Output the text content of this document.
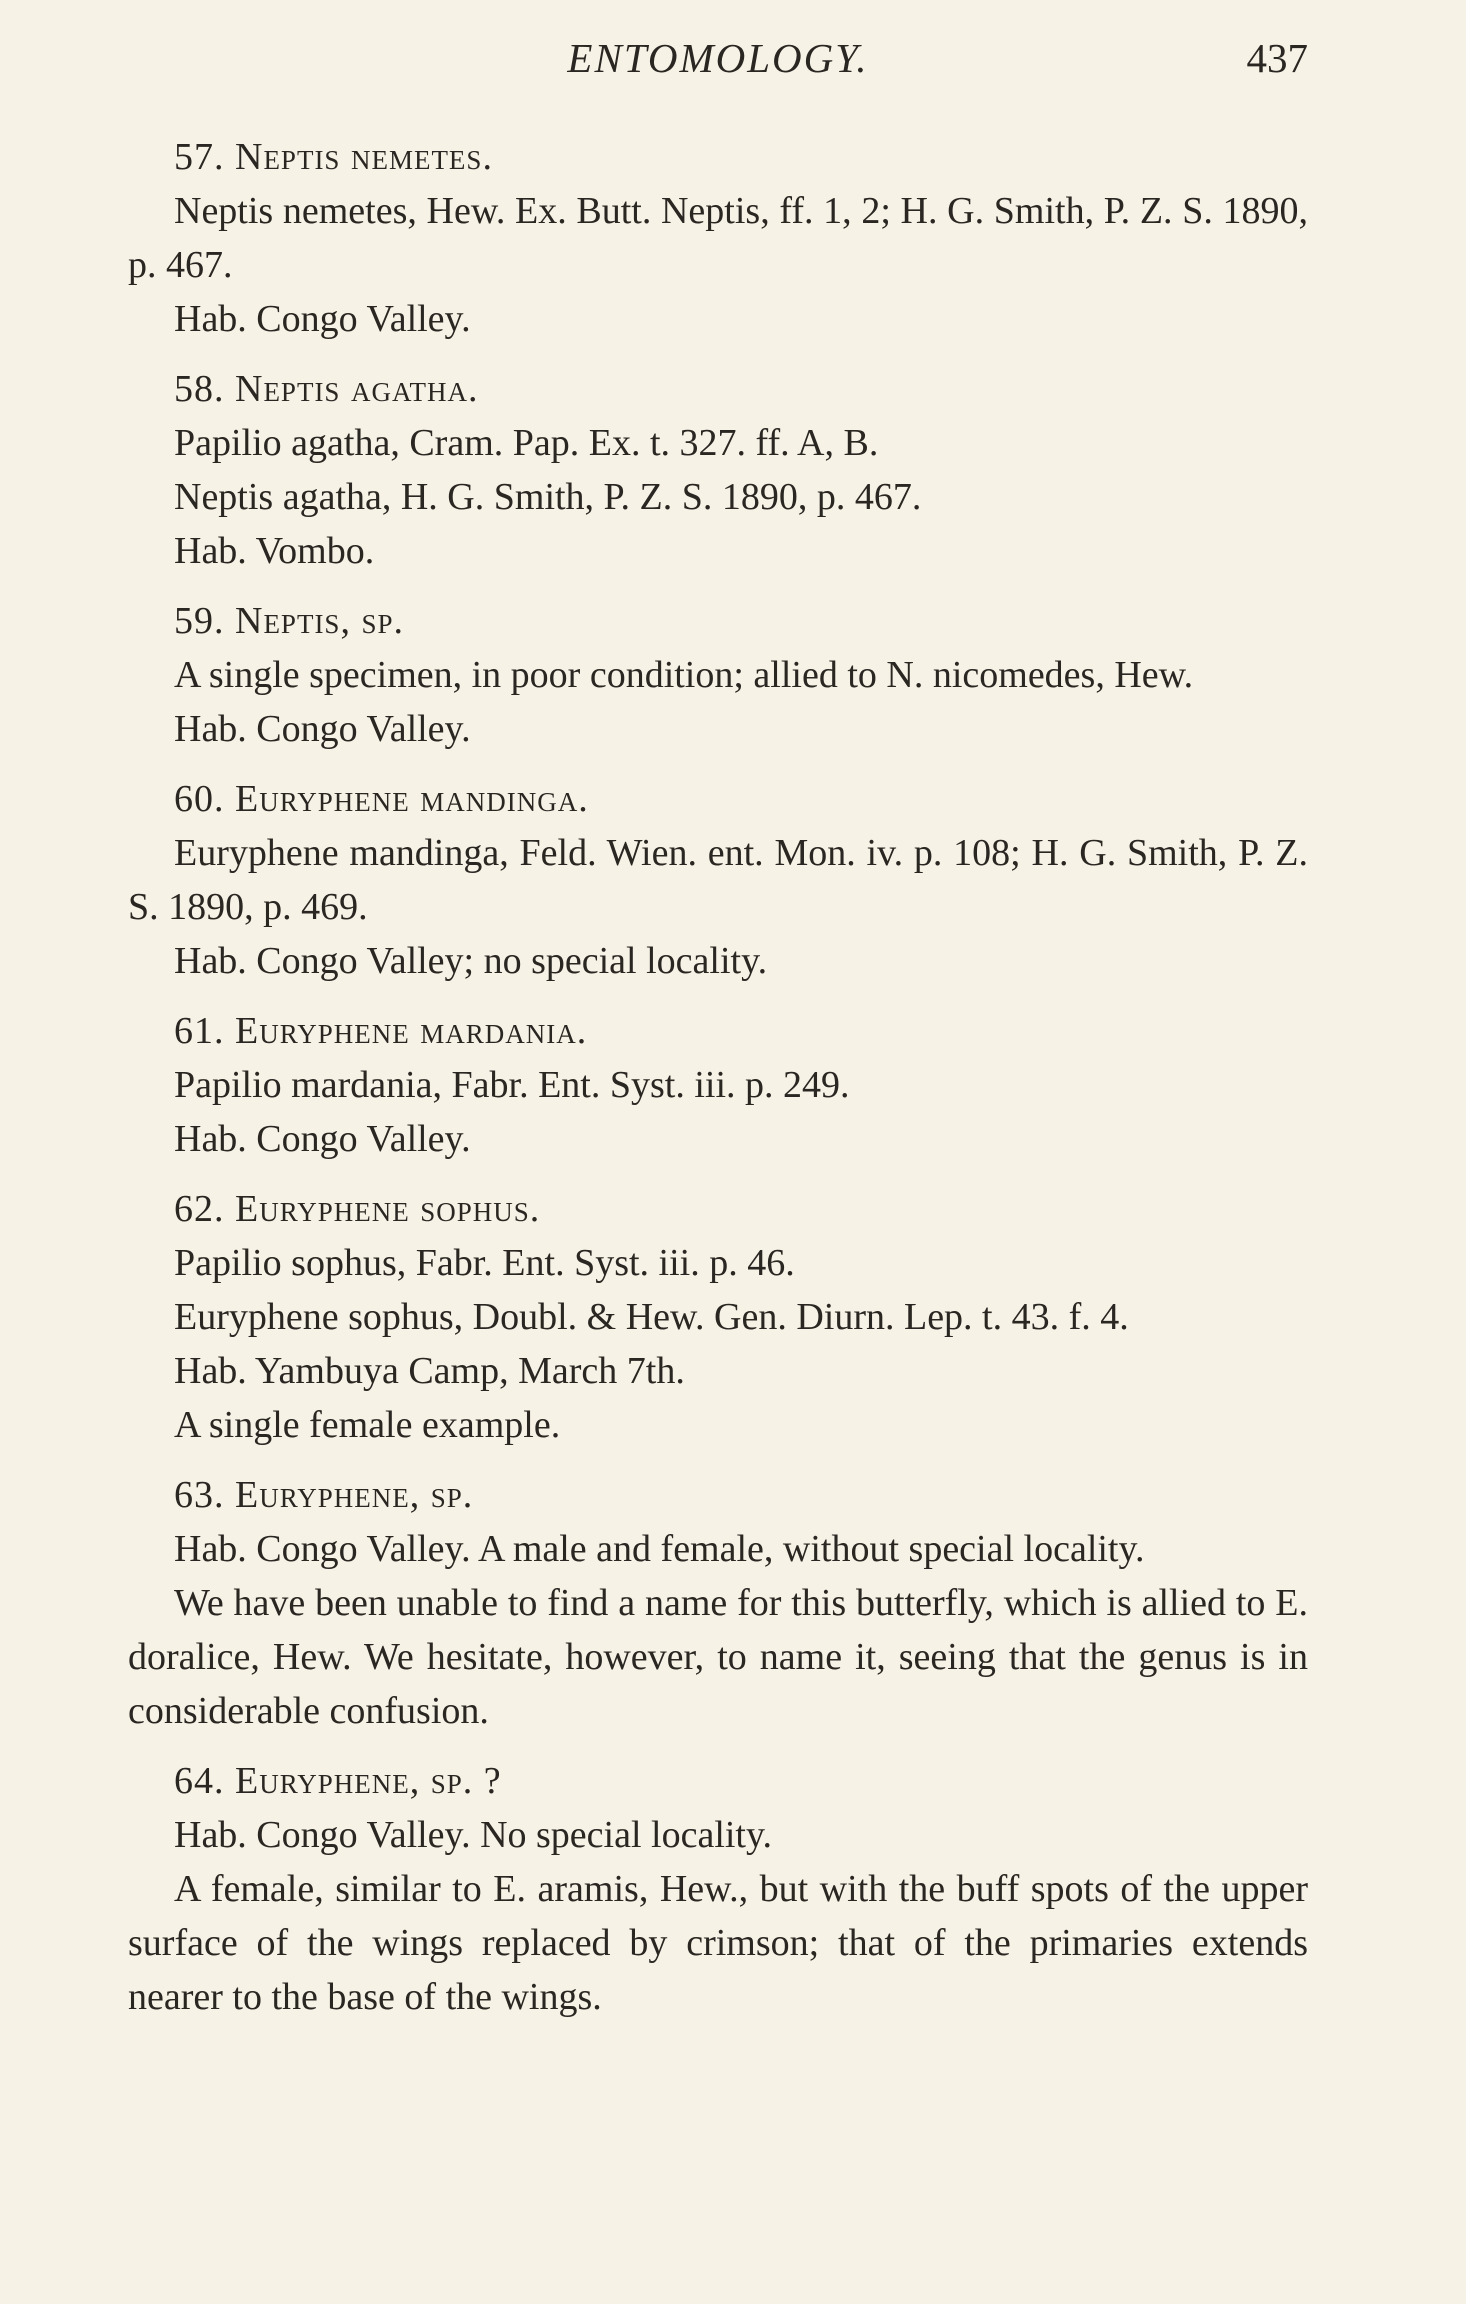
ENTOMOLOGY.	437

57. Neptis nemetes.

Neptis nemetes, Hew. Ex. Butt. Neptis, ff. 1, 2; H. G. Smith, P. Z. S. 1890, p. 467.

Hab. Congo Valley.

58. Neptis agatha.

Papilio agatha, Cram. Pap. Ex. t. 327. ff. A, B.

Neptis agatha, H. G. Smith, P. Z. S. 1890, p. 467.

Hab. Vombo.

59. Neptis, sp.

A single specimen, in poor condition; allied to N. nicomedes, Hew.

Hab. Congo Valley.

60. Euryphene mandinga.

Euryphene mandinga, Feld. Wien. ent. Mon. iv. p. 108; H. G. Smith, P. Z. S. 1890, p. 469.

Hab. Congo Valley; no special locality.

61. Euryphene mardania.

Papilio mardania, Fabr. Ent. Syst. iii. p. 249.

Hab. Congo Valley.

62. Euryphene sophus.

Papilio sophus, Fabr. Ent. Syst. iii. p. 46.

Euryphene sophus, Doubl. & Hew. Gen. Diurn. Lep. t. 43. f. 4.

Hab. Yambuya Camp, March 7th.

A single female example.

63. Euryphene, sp.

Hab. Congo Valley. A male and female, without special locality.

We have been unable to find a name for this butterfly, which is allied to E. doralice, Hew. We hesitate, however, to name it, seeing that the genus is in considerable confusion.

64. Euryphene, sp. ?

Hab. Congo Valley. No special locality.

A female, similar to E. aramis, Hew., but with the buff spots of the upper surface of the wings replaced by crimson; that of the primaries extends nearer to the base of the wings.
